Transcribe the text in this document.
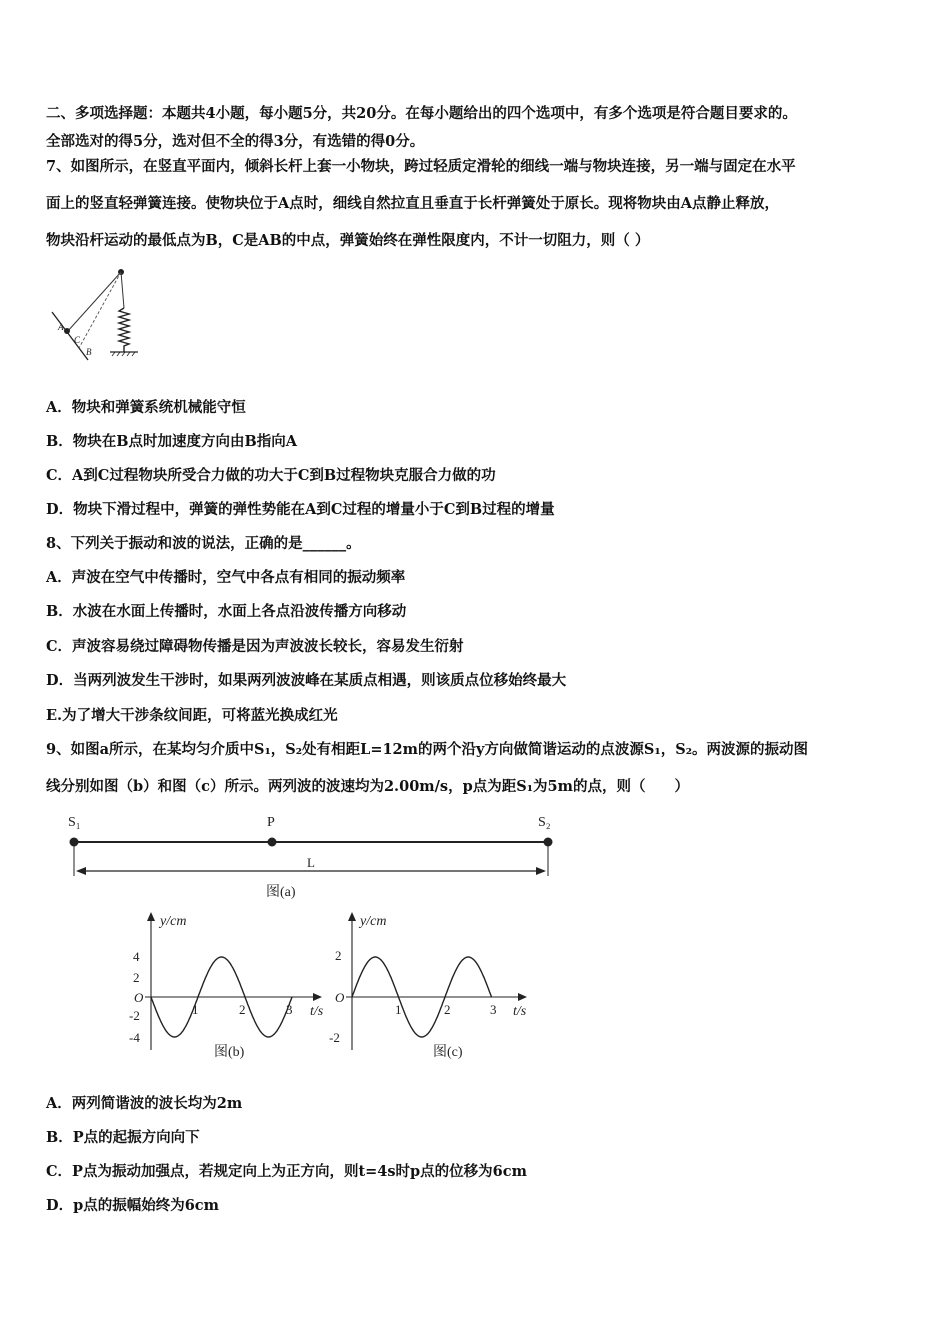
二、多项选择题：本题共4小题，每小题5分，共20分。在每小题给出的四个选项中，有多个选项是符合题目要求的。
全部选对的得5分，选对但不全的得3分，有选错的得0分。
7、如图所示，在竖直平面内，倾斜长杆上套一小物块，跨过轻质定滑轮的细线一端与物块连接，另一端与固定在水平
面上的竖直轻弹簧连接。使物块位于A点时，细线自然拉直且垂直于长杆弹簧处于原长。现将物块由A点静止释放，
物块沿杆运动的最低点为B，C是AB的中点，弹簧始终在弹性限度内，不计一切阻力，则（ ）
A
C
B
A．物块和弹簧系统机械能守恒
B．物块在B点时加速度方向由B指向A
C．A到C过程物块所受合力做的功大于C到B过程物块克服合力做的功
D．物块下滑过程中，弹簧的弹性势能在A到C过程的增量小于C到B过程的增量
8、下列关于振动和波的说法，正确的是______。
A．声波在空气中传播时，空气中各点有相同的振动频率
B．水波在水面上传播时，水面上各点沿波传播方向移动
C．声波容易绕过障碍物传播是因为声波波长较长，容易发生衍射
D．当两列波发生干涉时，如果两列波波峰在某质点相遇，则该质点位移始终最大
E.为了增大干涉条纹间距，可将蓝光换成红光
9、如图a所示，在某均匀介质中S₁，S₂处有相距L=12m的两个沿y方向做简谐运动的点波源S₁，S₂。两波源的振动图
线分别如图（b）和图（c）所示。两列波的波速均为2.00m/s，p点为距S₁为5m的点，则（　　）
S₁	P	S₂
L
图(a)
y/cm
t/s
O
4
2
-2
-4
1	2	3
图(b)
y/cm
t/s
O
2
-2
1	2	3
图(c)
A．两列简谐波的波长均为2m
B．P点的起振方向向下
C．P点为振动加强点，若规定向上为正方向，则t=4s时p点的位移为6cm
D．p点的振幅始终为6cm
